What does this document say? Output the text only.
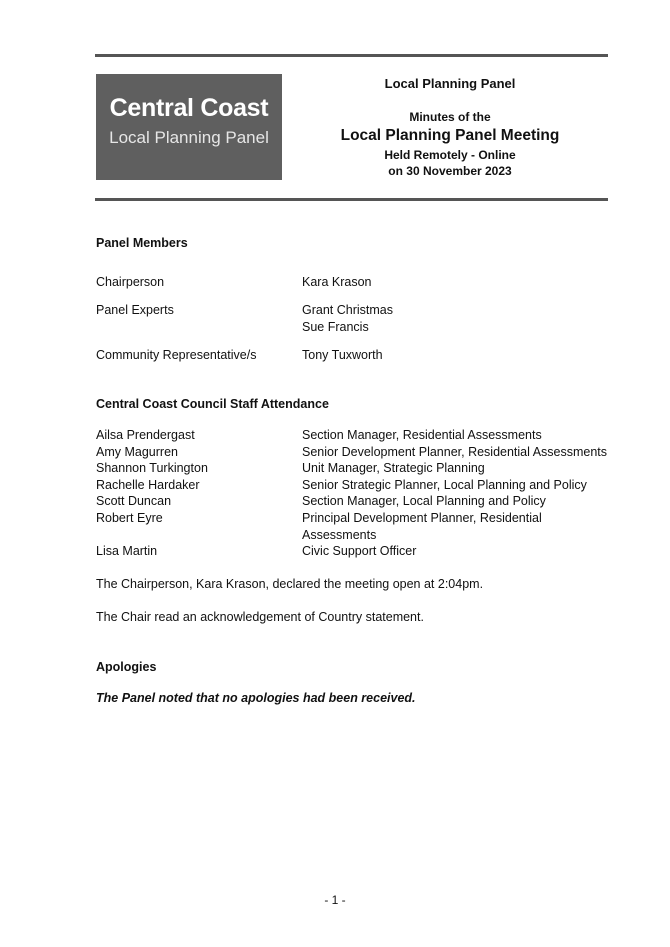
Central Coast
Local Planning Panel
Local Planning Panel
Minutes of the
Local Planning Panel Meeting
Held Remotely - Online
on 30 November 2023
Panel Members
Chairperson	Kara Krason
Panel Experts	Grant Christmas
Sue Francis
Community Representative/s	Tony Tuxworth
Central Coast Council Staff Attendance
Ailsa Prendergast	Section Manager, Residential Assessments
Amy Magurren	Senior Development Planner, Residential Assessments
Shannon Turkington	Unit Manager, Strategic Planning
Rachelle Hardaker	Senior Strategic Planner, Local Planning and Policy
Scott Duncan	Section Manager, Local Planning and Policy
Robert Eyre	Principal Development Planner, Residential
Assessments
Lisa Martin	Civic Support Officer
The Chairperson, Kara Krason, declared the meeting open at 2:04pm.
The Chair read an acknowledgement of Country statement.
Apologies
The Panel noted that no apologies had been received.
- 1 -
